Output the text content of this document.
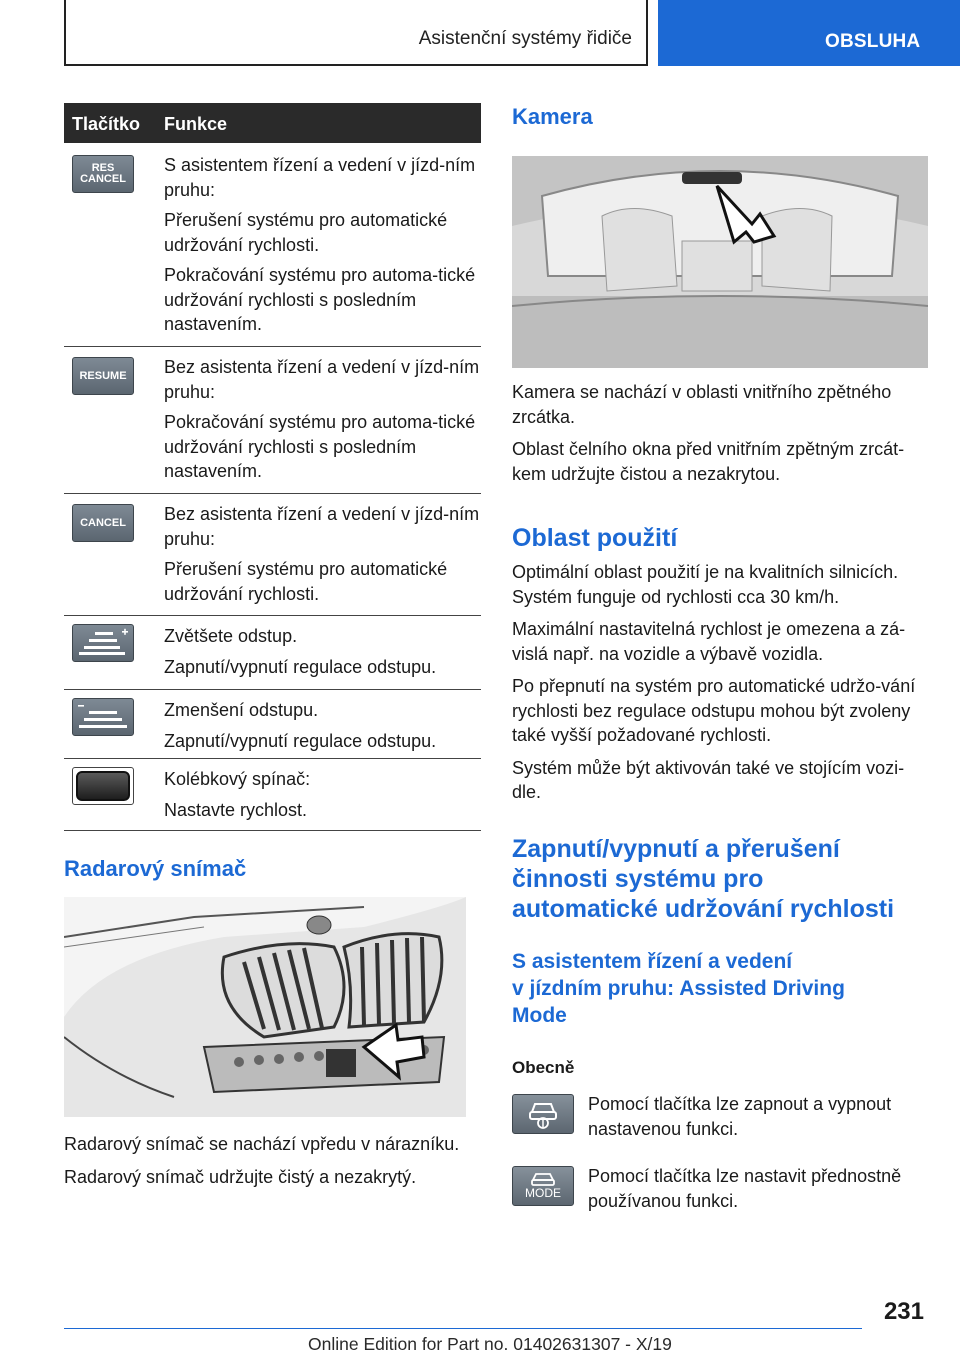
Asistenční systémy řidiče	OBSLUHA
Tlačítko Funkce
RES
CANCEL

S asistentem řízení a vedení v jízd-ním pruhu:

Přerušení systému pro automatické udržování rychlosti.

Pokračování systému pro automa-tické udržování rychlosti s posledním nastavením.

RESUME Bez asistenta řízení a vedení v jízd-ním pruhu:

Pokračování systému pro automa-tické udržování rychlosti s posledním nastavením.

CANCEL Bez asistenta řízení a vedení v jízd-ním pruhu:

Přerušení systému pro automatické udržování rychlosti.

Zvětšete odstup.

Zapnutí/vypnutí regulace odstupu.

Zmenšení odstupu.

Zapnutí/vypnutí regulace odstupu.

Kolébkový spínač:

Nastavte rychlost.

Radarový snímač

Radarový snímač se nachází vpředu v nárazníku.

Radarový snímač udržujte čistý a nezakrytý.

Kamera

Kamera se nachází v oblasti vnitřního zpětného zrcátka.

Oblast čelního okna před vnitřním zpětným zrcát-kem udržujte čistou a nezakrytou.

Oblast použití

Optimální oblast použití je na kvalitních silnicích. Systém funguje od rychlosti cca 30 km/h.

Maximální nastavitelná rychlost je omezena a zá-vislá např. na vozidle a výbavě vozidla.

Po přepnutí na systém pro automatické udržo-vání rychlosti bez regulace odstupu mohou být zvoleny také vyšší požadované rychlosti.

Systém může být aktivován také ve stojícím vozi-dle.

Zapnutí/vypnutí a přerušení
činnosti systému pro
automatické udržování rychlosti
S asistentem řízení a vedení
v jízdním pruhu: Assisted Driving
Mode
Obecně
Pomocí tlačítka lze zapnout a vypnout nastavenou funkci.
MODE
Pomocí tlačítka lze nastavit přednostně používanou funkci.
231
Online Edition for Part no. 01402631307 - X/19
